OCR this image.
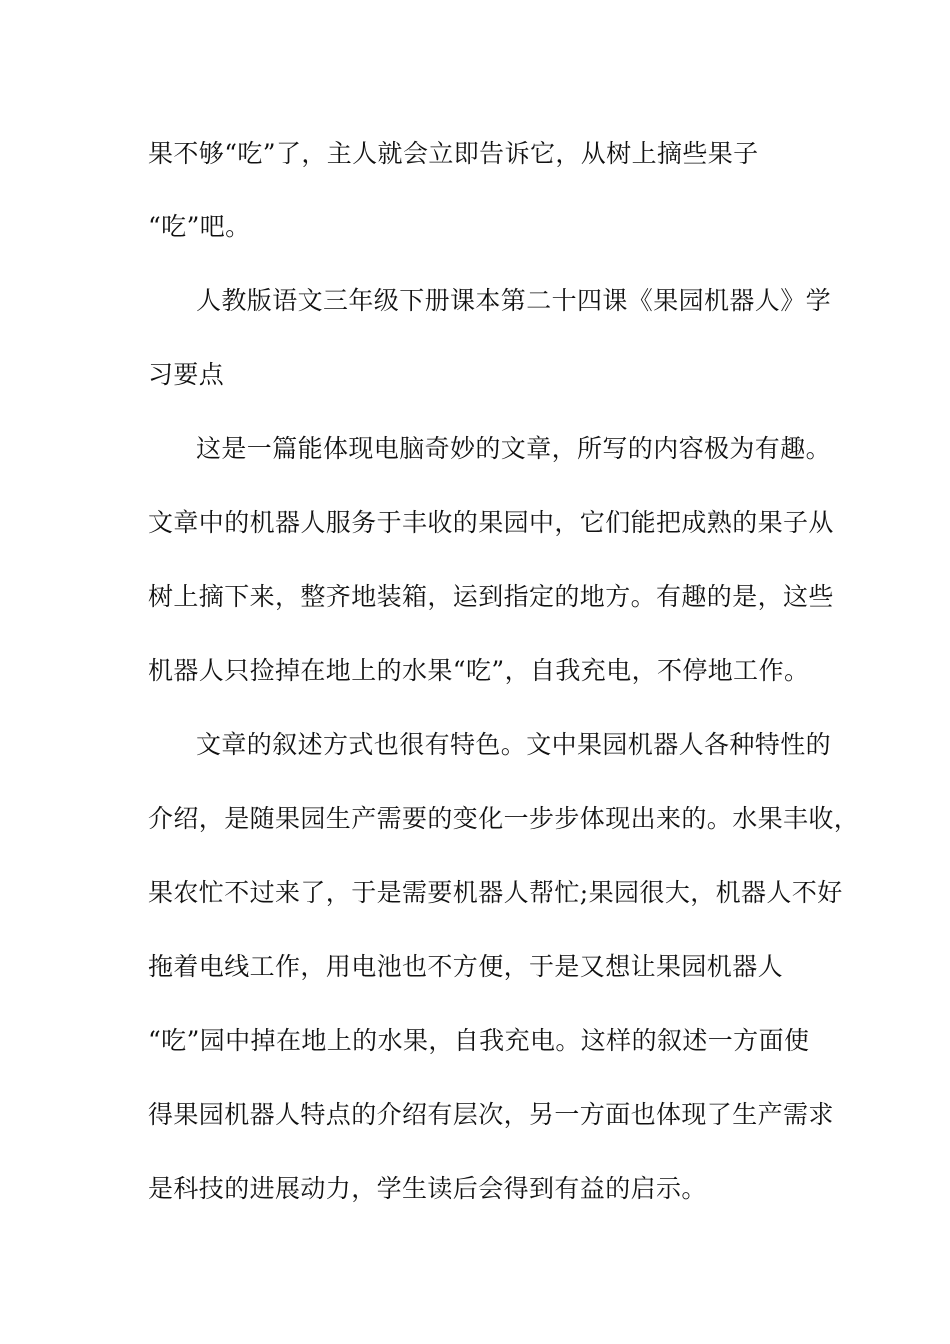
果不够“吃”了，主人就会立即告诉它，从树上摘些果子
“吃”吧。
人教版语文三年级下册课本第二十四课《果园机器人》学
习要点
这是一篇能体现电脑奇妙的文章，所写的内容极为有趣。
文章中的机器人服务于丰收的果园中，它们能把成熟的果子从
树上摘下来，整齐地装箱，运到指定的地方。有趣的是，这些
机器人只捡掉在地上的水果“吃”，自我充电，不停地工作。
文章的叙述方式也很有特色。文中果园机器人各种特性的
介绍，是随果园生产需要的变化一步步体现出来的。水果丰收，
果农忙不过来了，于是需要机器人帮忙;果园很大，机器人不好
拖着电线工作，用电池也不方便，于是又想让果园机器人
“吃”园中掉在地上的水果，自我充电。这样的叙述一方面使
得果园机器人特点的介绍有层次，另一方面也体现了生产需求
是科技的进展动力，学生读后会得到有益的启示。
